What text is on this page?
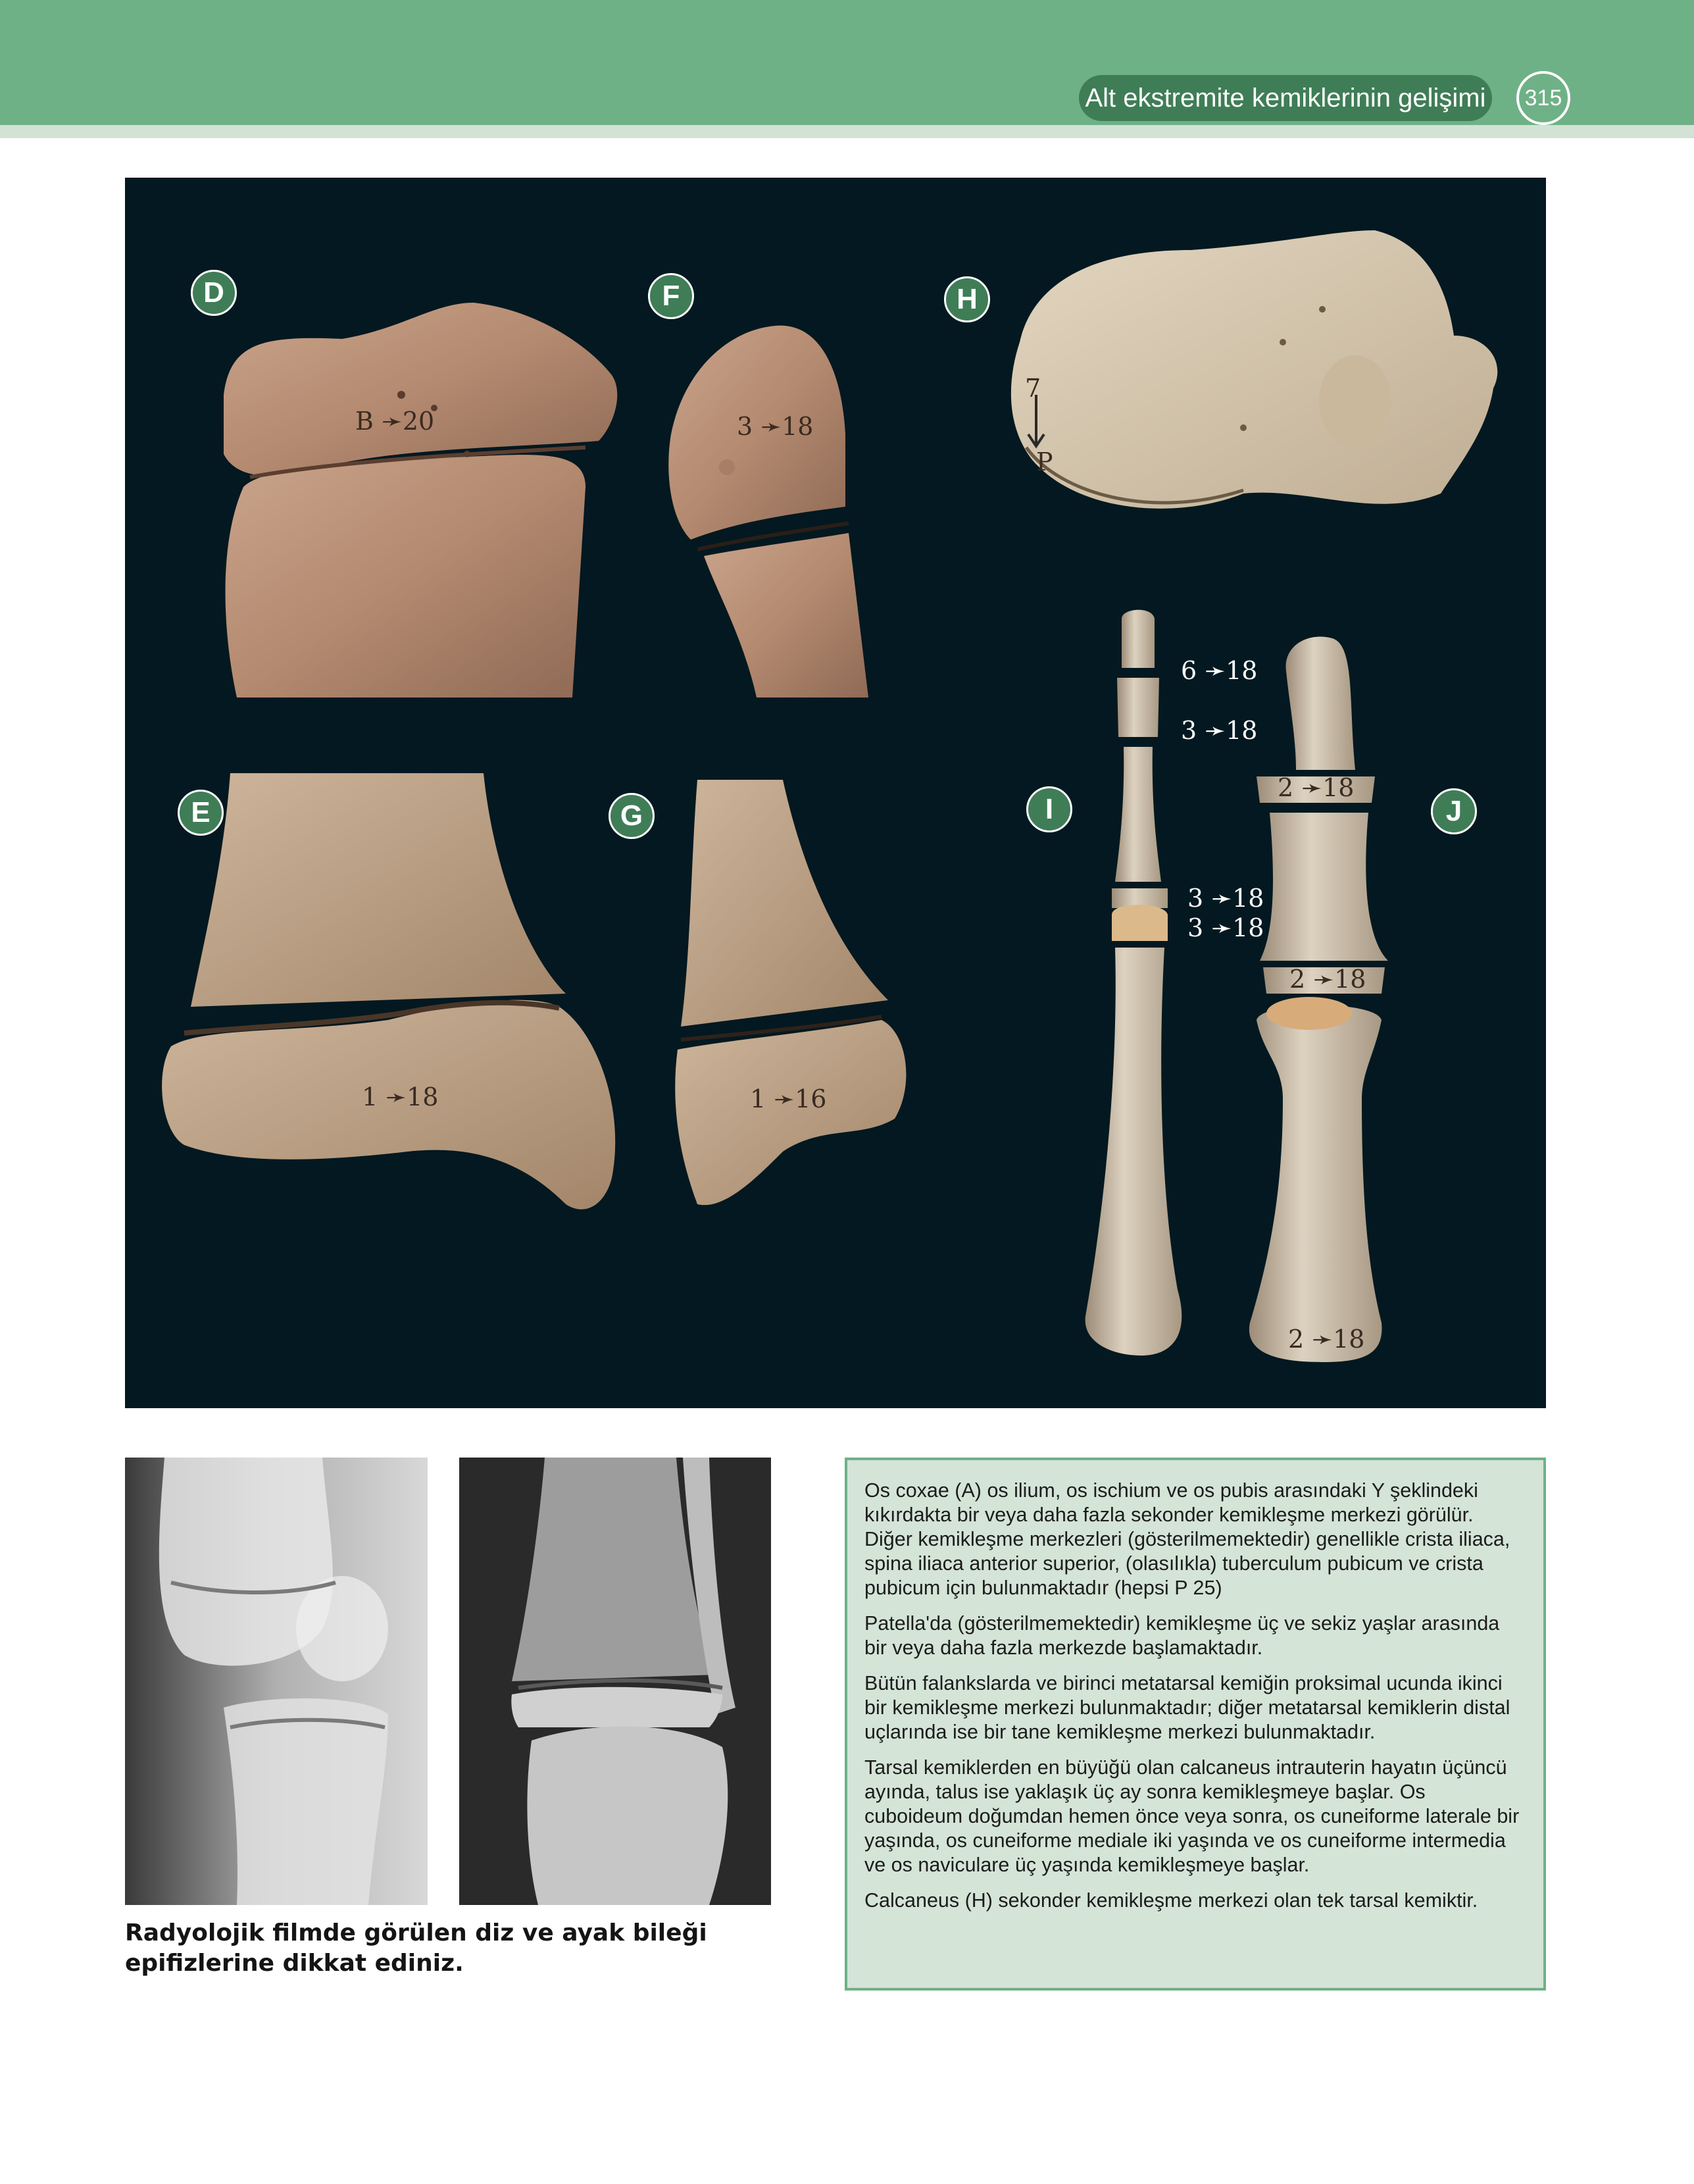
Alt ekstremite kemiklerinin gelişimi	315
D
E
F
G
H
I	J
B ➛20
1 ➛18
3 ➛18
1 ➛16
7
P
6 ➛18
3 ➛18
3 ➛18
3 ➛18
2 ➛18
2 ➛18
2 ➛18
Radyolojik filmde görülen diz ve ayak bileği epifizlerine dikkat ediniz.

Os coxae (A) os ilium, os ischium ve os pubis arasındaki Y şeklindeki kıkırdakta bir veya daha fazla sekonder kemikleşme merkezi görülür. Diğer kemikleşme merkezleri (gösterilmemektedir) genellikle crista iliaca, spina iliaca anterior superior, (olasılıkla) tuberculum pubicum ve crista pubicum için bulunmaktadır (hepsi P 25)

Patella'da (gösterilmemektedir) kemikleşme üç ve sekiz yaşlar arasında bir veya daha fazla merkezde başlamaktadır.

Bütün falankslarda ve birinci metatarsal kemiğin proksimal ucunda ikinci bir kemikleşme merkezi bulunmaktadır; diğer metatarsal kemiklerin distal uçlarında ise bir tane kemikleşme merkezi bulunmaktadır.

Tarsal kemiklerden en büyüğü olan calcaneus intrauterin hayatın üçüncü ayında, talus ise yaklaşık üç ay sonra kemikleşmeye başlar. Os cuboideum doğumdan hemen önce veya sonra, os cuneiforme laterale bir yaşında, os cuneiforme mediale iki yaşında ve os cuneiforme intermedia ve os naviculare üç yaşında kemikleşmeye başlar.

Calcaneus (H) sekonder kemikleşme merkezi olan tek tarsal kemiktir.
